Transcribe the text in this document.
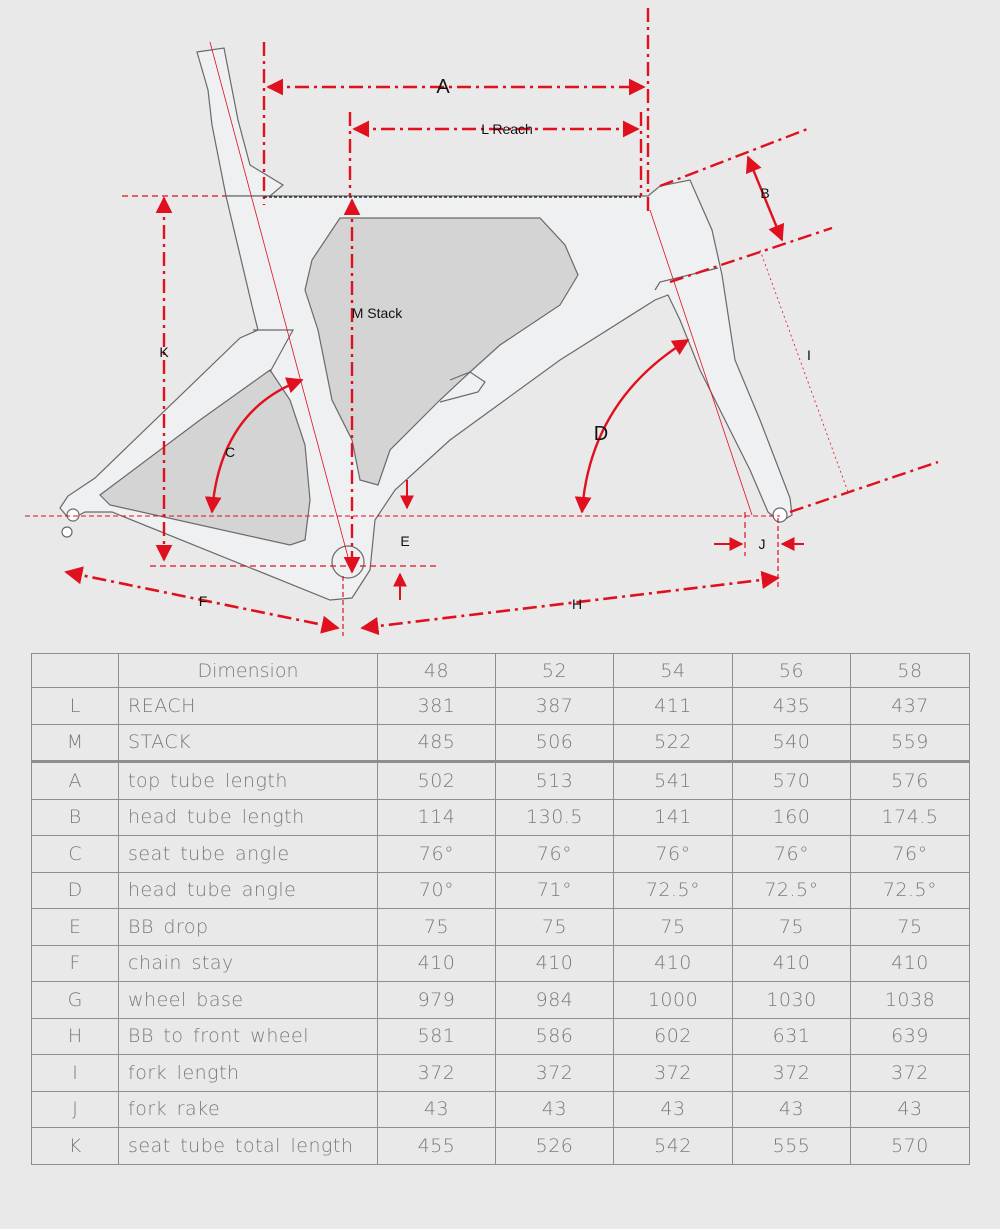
A
L Reach
B
M Stack
K	I
C
D
E	J
F	H
	Dimension	48	52	54	56	58
L	REACH	381	387	411	435	437
M	STACK	485	506	522	540	559
A	top tube length	502	513	541	570	576
B	head tube length	114	130.5	141	160	174.5
C	seat tube angle	76°	76°	76°	76°	76°
D	head tube angle	70°	71°	72.5°	72.5°	72.5°
E	BB drop	75	75	75	75	75
F	chain stay	410	410	410	410	410
G	wheel base	979	984	1000	1030	1038
H	BB to front wheel	581	586	602	631	639
I	fork length	372	372	372	372	372
J	fork rake	43	43	43	43	43
K	seat tube total length	455	526	542	555	570
